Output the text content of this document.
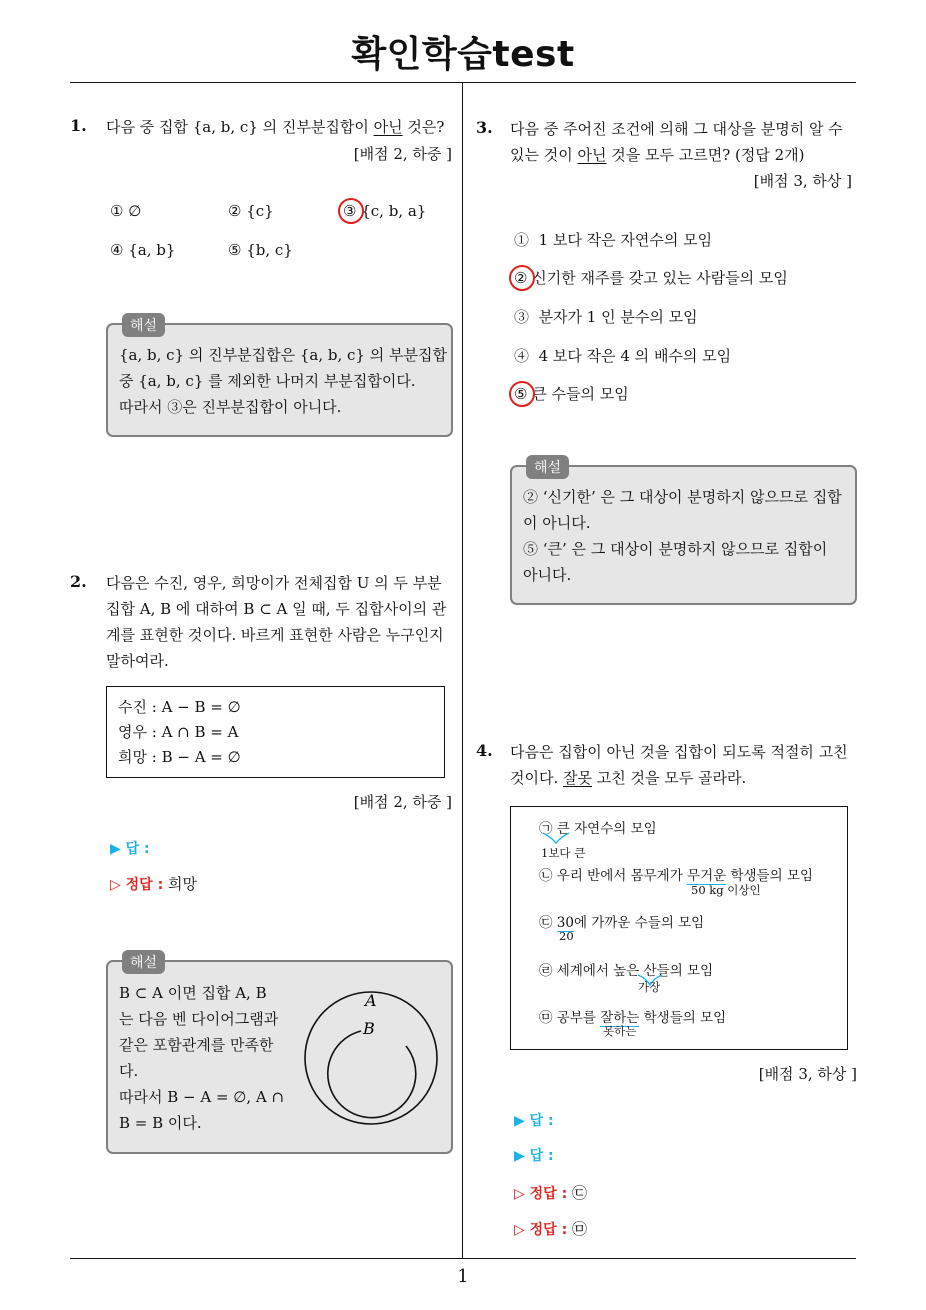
확인학습test
1
1. 다음 중 집합 {a, b, c} 의 진부분집합이 아닌 것은?
[배점 2, 하중 ]
① ∅	② {c}	③ {c, b, a}
④ {a, b}	⑤ {b, c}
해설
{a, b, c} 의 진부분집합은 {a, b, c} 의 부분집합
중 {a, b, c} 를 제외한 나머지 부분집합이다.
따라서 ③은 진부분집합이 아니다.
2. 다음은 수진, 영우, 희망이가 전체집합 U 의 두 부분
집합 A, B 에 대하여 B ⊂ A 일 때, 두 집합사이의 관
계를 표현한 것이다. 바르게 표현한 사람은 누구인지
말하여라.
수진 : A − B = ∅
영우 : A ∩ B = A
희망 : B − A = ∅
[배점 2, 하중 ]
▶ 답 :
▷ 정답 : 희망
해설
B ⊂ A 이면 집합 A, B
는 다음 벤 다이어그램과
같은 포함관계를 만족한
다.
따라서 B − A = ∅, A ∩
B = B 이다.
A
B
3. 다음 중 주어진 조건에 의해 그 대상을 분명히 알 수
있는 것이 아닌 것을 모두 고르면? (정답 2개)
[배점 3, 하상 ]
① 1 보다 작은 자연수의 모임
② 신기한 재주를 갖고 있는 사람들의 모임
③ 분자가 1 인 분수의 모임
④ 4 보다 작은 4 의 배수의 모임
⑤ 큰 수들의 모임
해설
② ‘신기한’ 은 그 대상이 분명하지 않으므로 집합
이 아니다.
⑤ ‘큰’ 은 그 대상이 분명하지 않으므로 집합이
아니다.
4. 다음은 집합이 아닌 것을 집합이 되도록 적절히 고친
것이다. 잘못 고친 것을 모두 골라라.
㉠ 큰 자연수의 모임
1보다 큰
㉡ 우리 반에서 몸무게가 무거운 학생들의 모임
50 kg 이상인
㉢ 30에 가까운 수들의 모임
20
㉣ 세계에서 높은 산들의 모임
가장
㉤ 공부를 잘하는 학생들의 모임
못하는
[배점 3, 하상 ]
▶ 답 :
▶ 답 :
▷ 정답 : ㉢
▷ 정답 : ㉤
